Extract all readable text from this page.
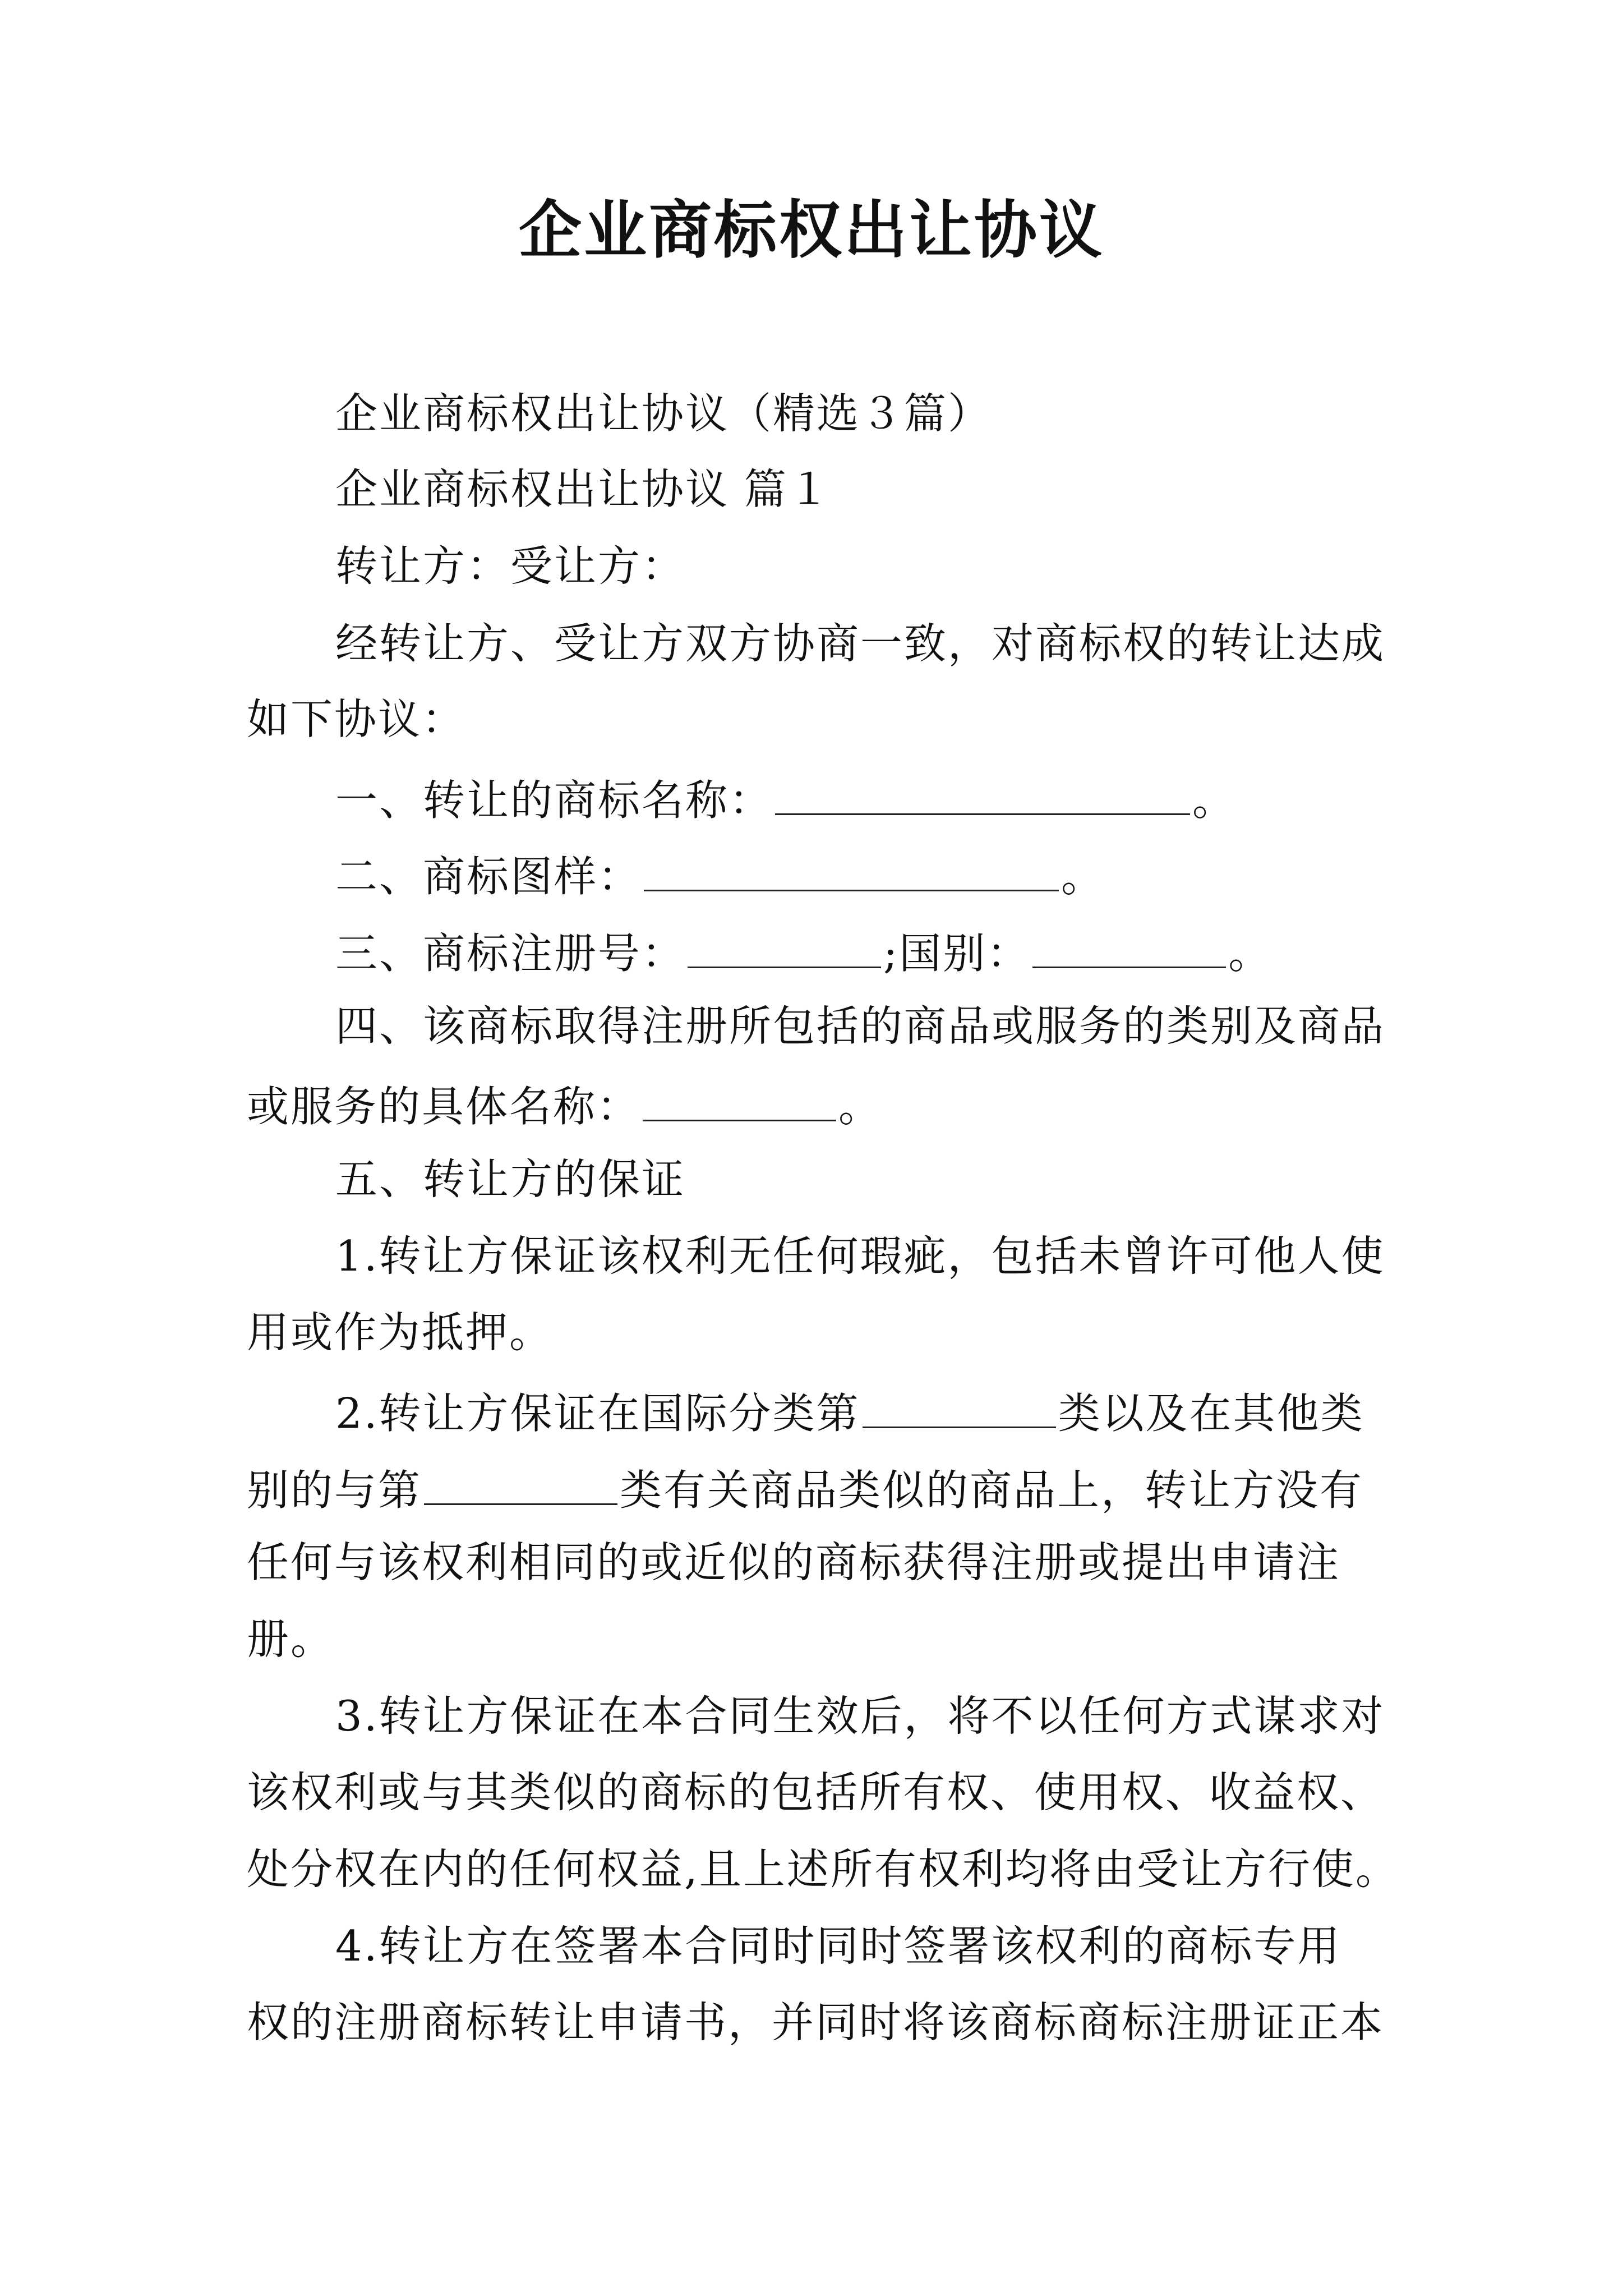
企业商标权出让协议
企业商标权出让协议（精选３篇）
企业商标权出让协议 篇１
转让方：受让方：
经转让方、受让方双方协商一致，对商标权的转让达成
如下协议：
一、转让的商标名称：	。
二、商标图样：	。
三、商标注册号：	;国别：	。
四、该商标取得注册所包括的商品或服务的类别及商品
或服务的具体名称：	。
五、转让方的保证
1.转让方保证该权利无任何瑕疵，包括未曾许可他人使
用或作为抵押。
2.转让方保证在国际分类第	类以及在其他类
别的与第	类有关商品类似的商品上，转让方没有
任何与该权利相同的或近似的商标获得注册或提出申请注
册。
3.转让方保证在本合同生效后，将不以任何方式谋求对
该权利或与其类似的商标的包括所有权、使用权、收益权、
处分权在内的任何权益,且上述所有权利均将由受让方行使。
4.转让方在签署本合同时同时签署该权利的商标专用
权的注册商标转让申请书，并同时将该商标商标注册证正本
